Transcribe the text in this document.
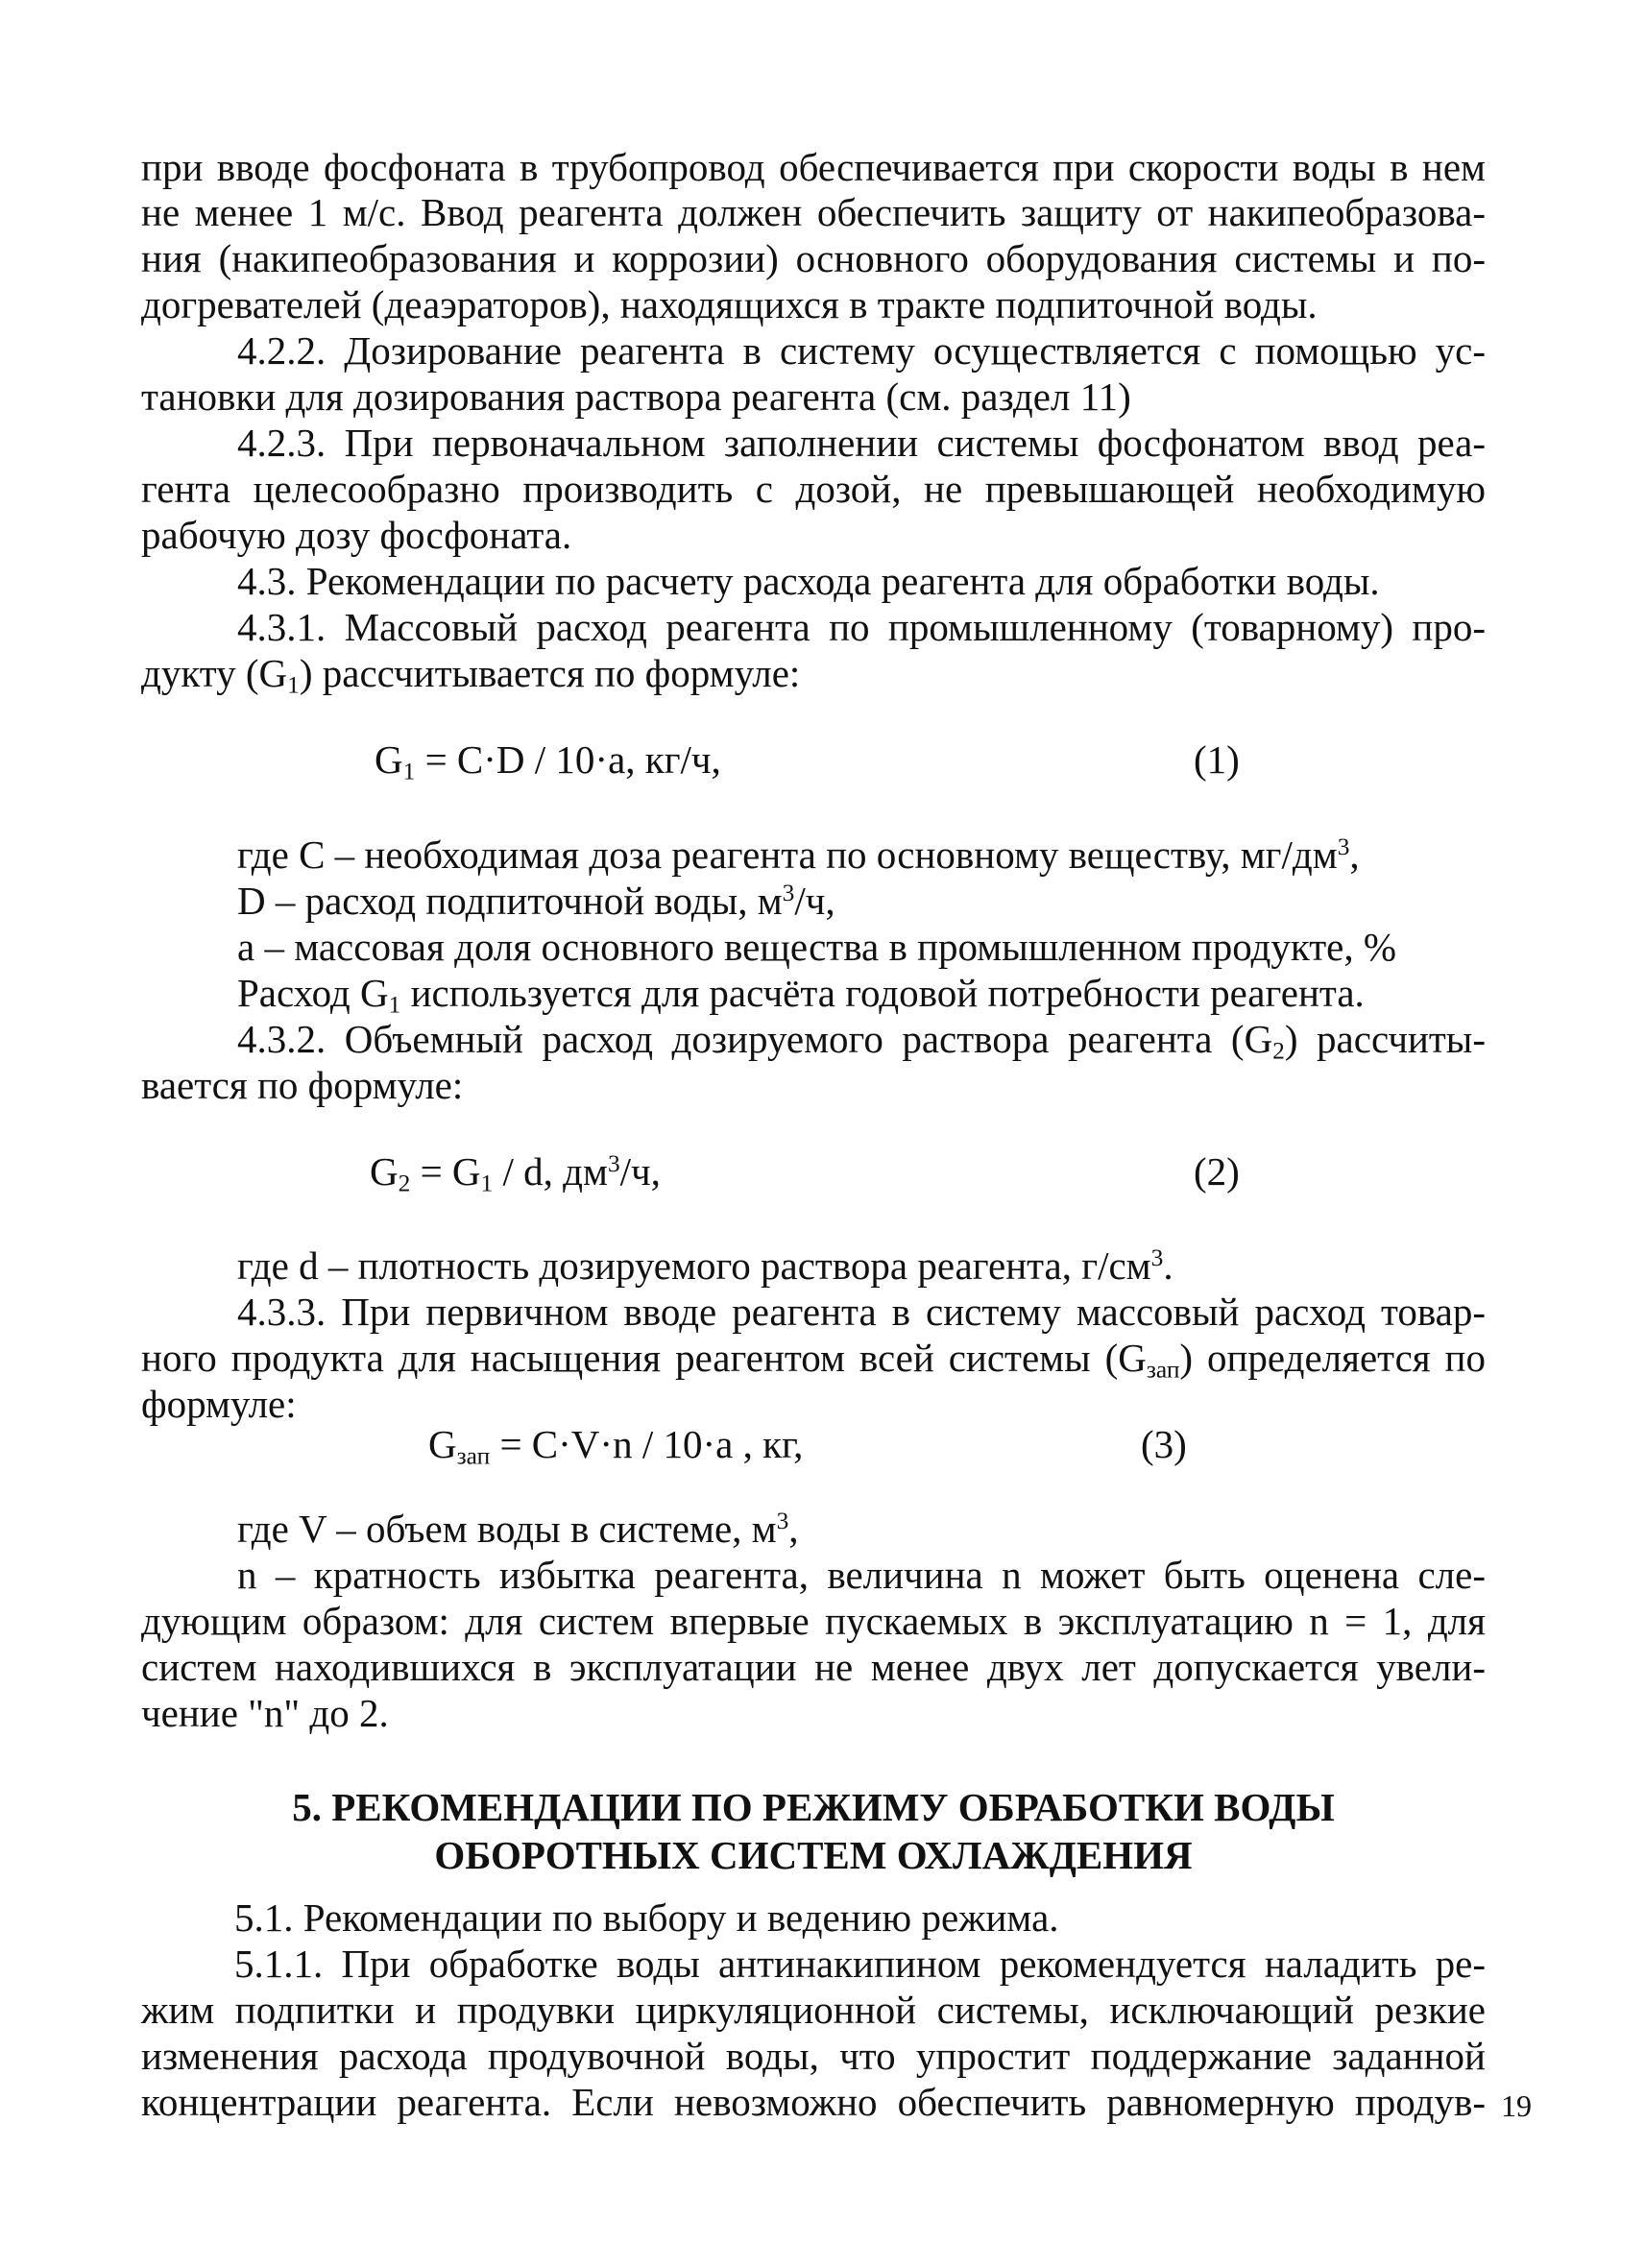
при вводе фосфоната в трубопровод обеспечивается при скорости воды в нем
не менее 1 м/с. Ввод реагента должен обеспечить защиту от накипеобразова-
ния (накипеобразования и коррозии) основного оборудования системы и по-
догревателей (деаэраторов), находящихся в тракте подпиточной воды.
4.2.2. Дозирование реагента в систему осуществляется с помощью ус-
тановки для дозирования раствора реагента (см. раздел 11)
4.2.3. При первоначальном заполнении системы фосфонатом ввод реа-
гента целесообразно производить с дозой, не превышающей необходимую
рабочую дозу фосфоната.
4.3. Рекомендации по расчету расхода реагента для обработки воды.
4.3.1. Массовый расход реагента по промышленному (товарному) про-
дукту $(G_1)$ рассчитывается по формуле:
где C – необходимая доза реагента по основному веществу, $мг/дм^3$,
D – расход подпиточной воды, $м^3/ч$,
а – массовая доля основного вещества в промышленном продукте, %
Расход $G_1$ используется для расчёта годовой потребности реагента.
4.3.2. Объемный расход дозируемого раствора реагента $(G_2)$ рассчиты-
вается по формуле:
где d – плотность дозируемого раствора реагента, $г/см^3$.
4.3.3. При первичном вводе реагента в систему массовый расход товар-
ного продукта для насыщения реагентом всей системы $(G_{зап})$ определяется по
формуле:
где V – объем воды в системе, $м^3$,
n – кратность избытка реагента, величина n может быть оценена сле-
дующим образом: для систем впервые пускаемых в эксплуатацию n = 1, для
систем находившихся в эксплуатации не менее двух лет допускается увели-
чение "n" до 2.
5.1. Рекомендации по выбору и ведению режима.
5.1.1. При обработке воды антинакипином рекомендуется наладить ре-
жим подпитки и продувки циркуляционной системы, исключающий резкие
изменения расхода продувочной воды, что упростит поддержание заданной
концентрации реагента. Если невозможно обеспечить равномерную продув-
$G_1 = C\cdot D / 10\cdot a$, кг/ч,	(1)
$G_2 = G_1 / d$, $дм^3/ч$,	(2)
$G_{зап} = C\cdot V\cdot n / 10\cdot a$ , кг,	(3)
5. РЕКОМЕНДАЦИИ ПО РЕЖИМУ ОБРАБОТКИ ВОДЫ
ОБОРОТНЫХ СИСТЕМ ОХЛАЖДЕНИЯ
19
